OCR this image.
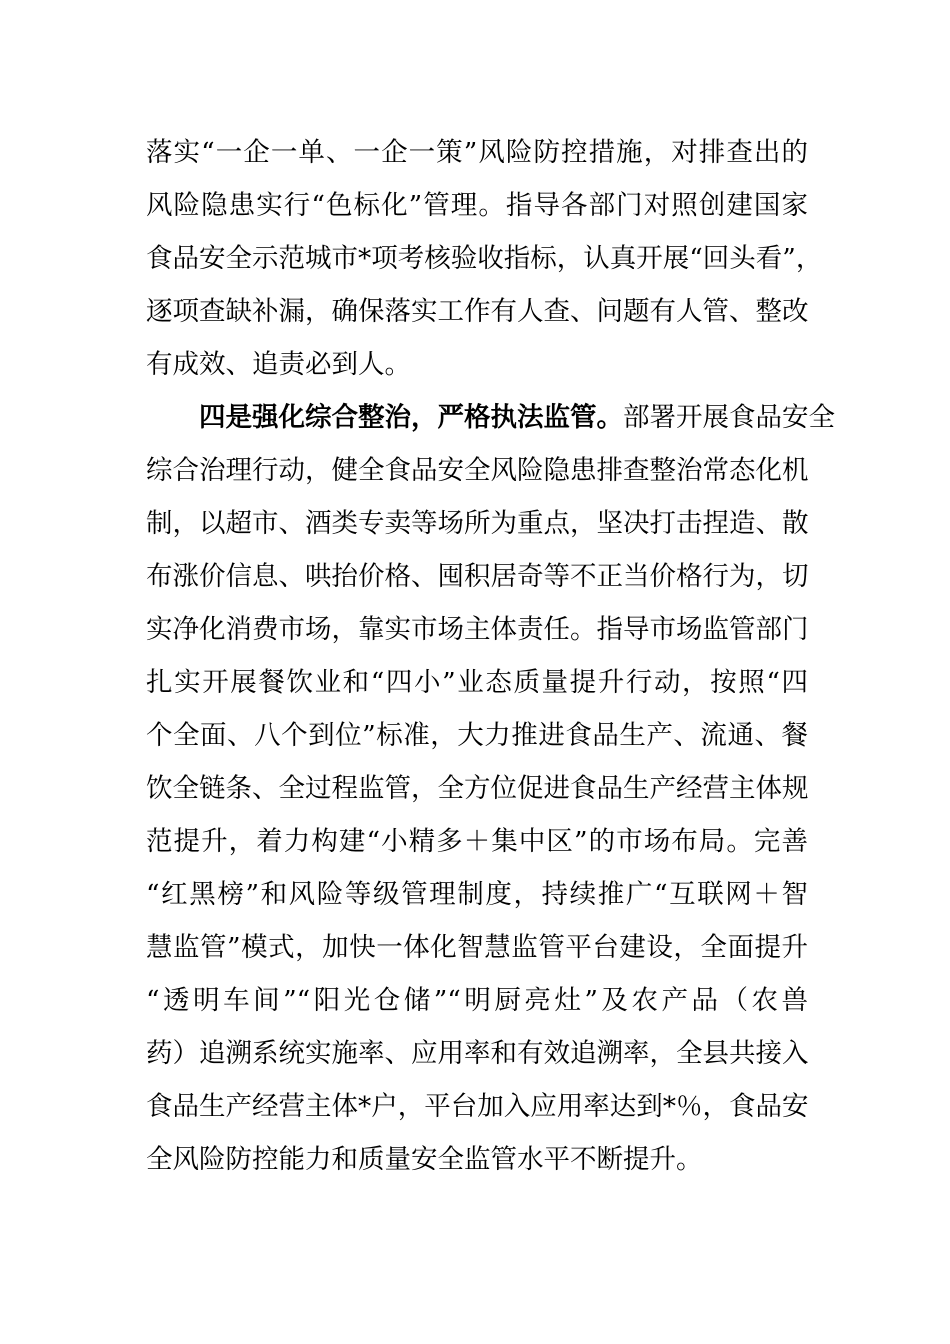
落实“一企一单、一企一策”风险防控措施，对排查出的
风险隐患实行“色标化”管理。指导各部门对照创建国家
食品安全示范城市*项考核验收指标，认真开展“回头看”，
逐项查缺补漏，确保落实工作有人查、问题有人管、整改
有成效、追责必到人。
四是强化综合整治，严格执法监管。部署开展食品安全
综合治理行动，健全食品安全风险隐患排查整治常态化机
制，以超市、酒类专卖等场所为重点，坚决打击捏造、散
布涨价信息、哄抬价格、囤积居奇等不正当价格行为，切
实净化消费市场，靠实市场主体责任。指导市场监管部门
扎实开展餐饮业和“四小”业态质量提升行动，按照“四
个全面、八个到位”标准，大力推进食品生产、流通、餐
饮全链条、全过程监管，全方位促进食品生产经营主体规
范提升，着力构建“小精多＋集中区”的市场布局。完善
“红黑榜”和风险等级管理制度，持续推广“互联网＋智
慧监管”模式，加快一体化智慧监管平台建设，全面提升
“透明车间”“阳光仓储”“明厨亮灶”及农产品（农兽
药）追溯系统实施率、应用率和有效追溯率，全县共接入
食品生产经营主体*户，平台加入应用率达到*％，食品安
全风险防控能力和质量安全监管水平不断提升。
